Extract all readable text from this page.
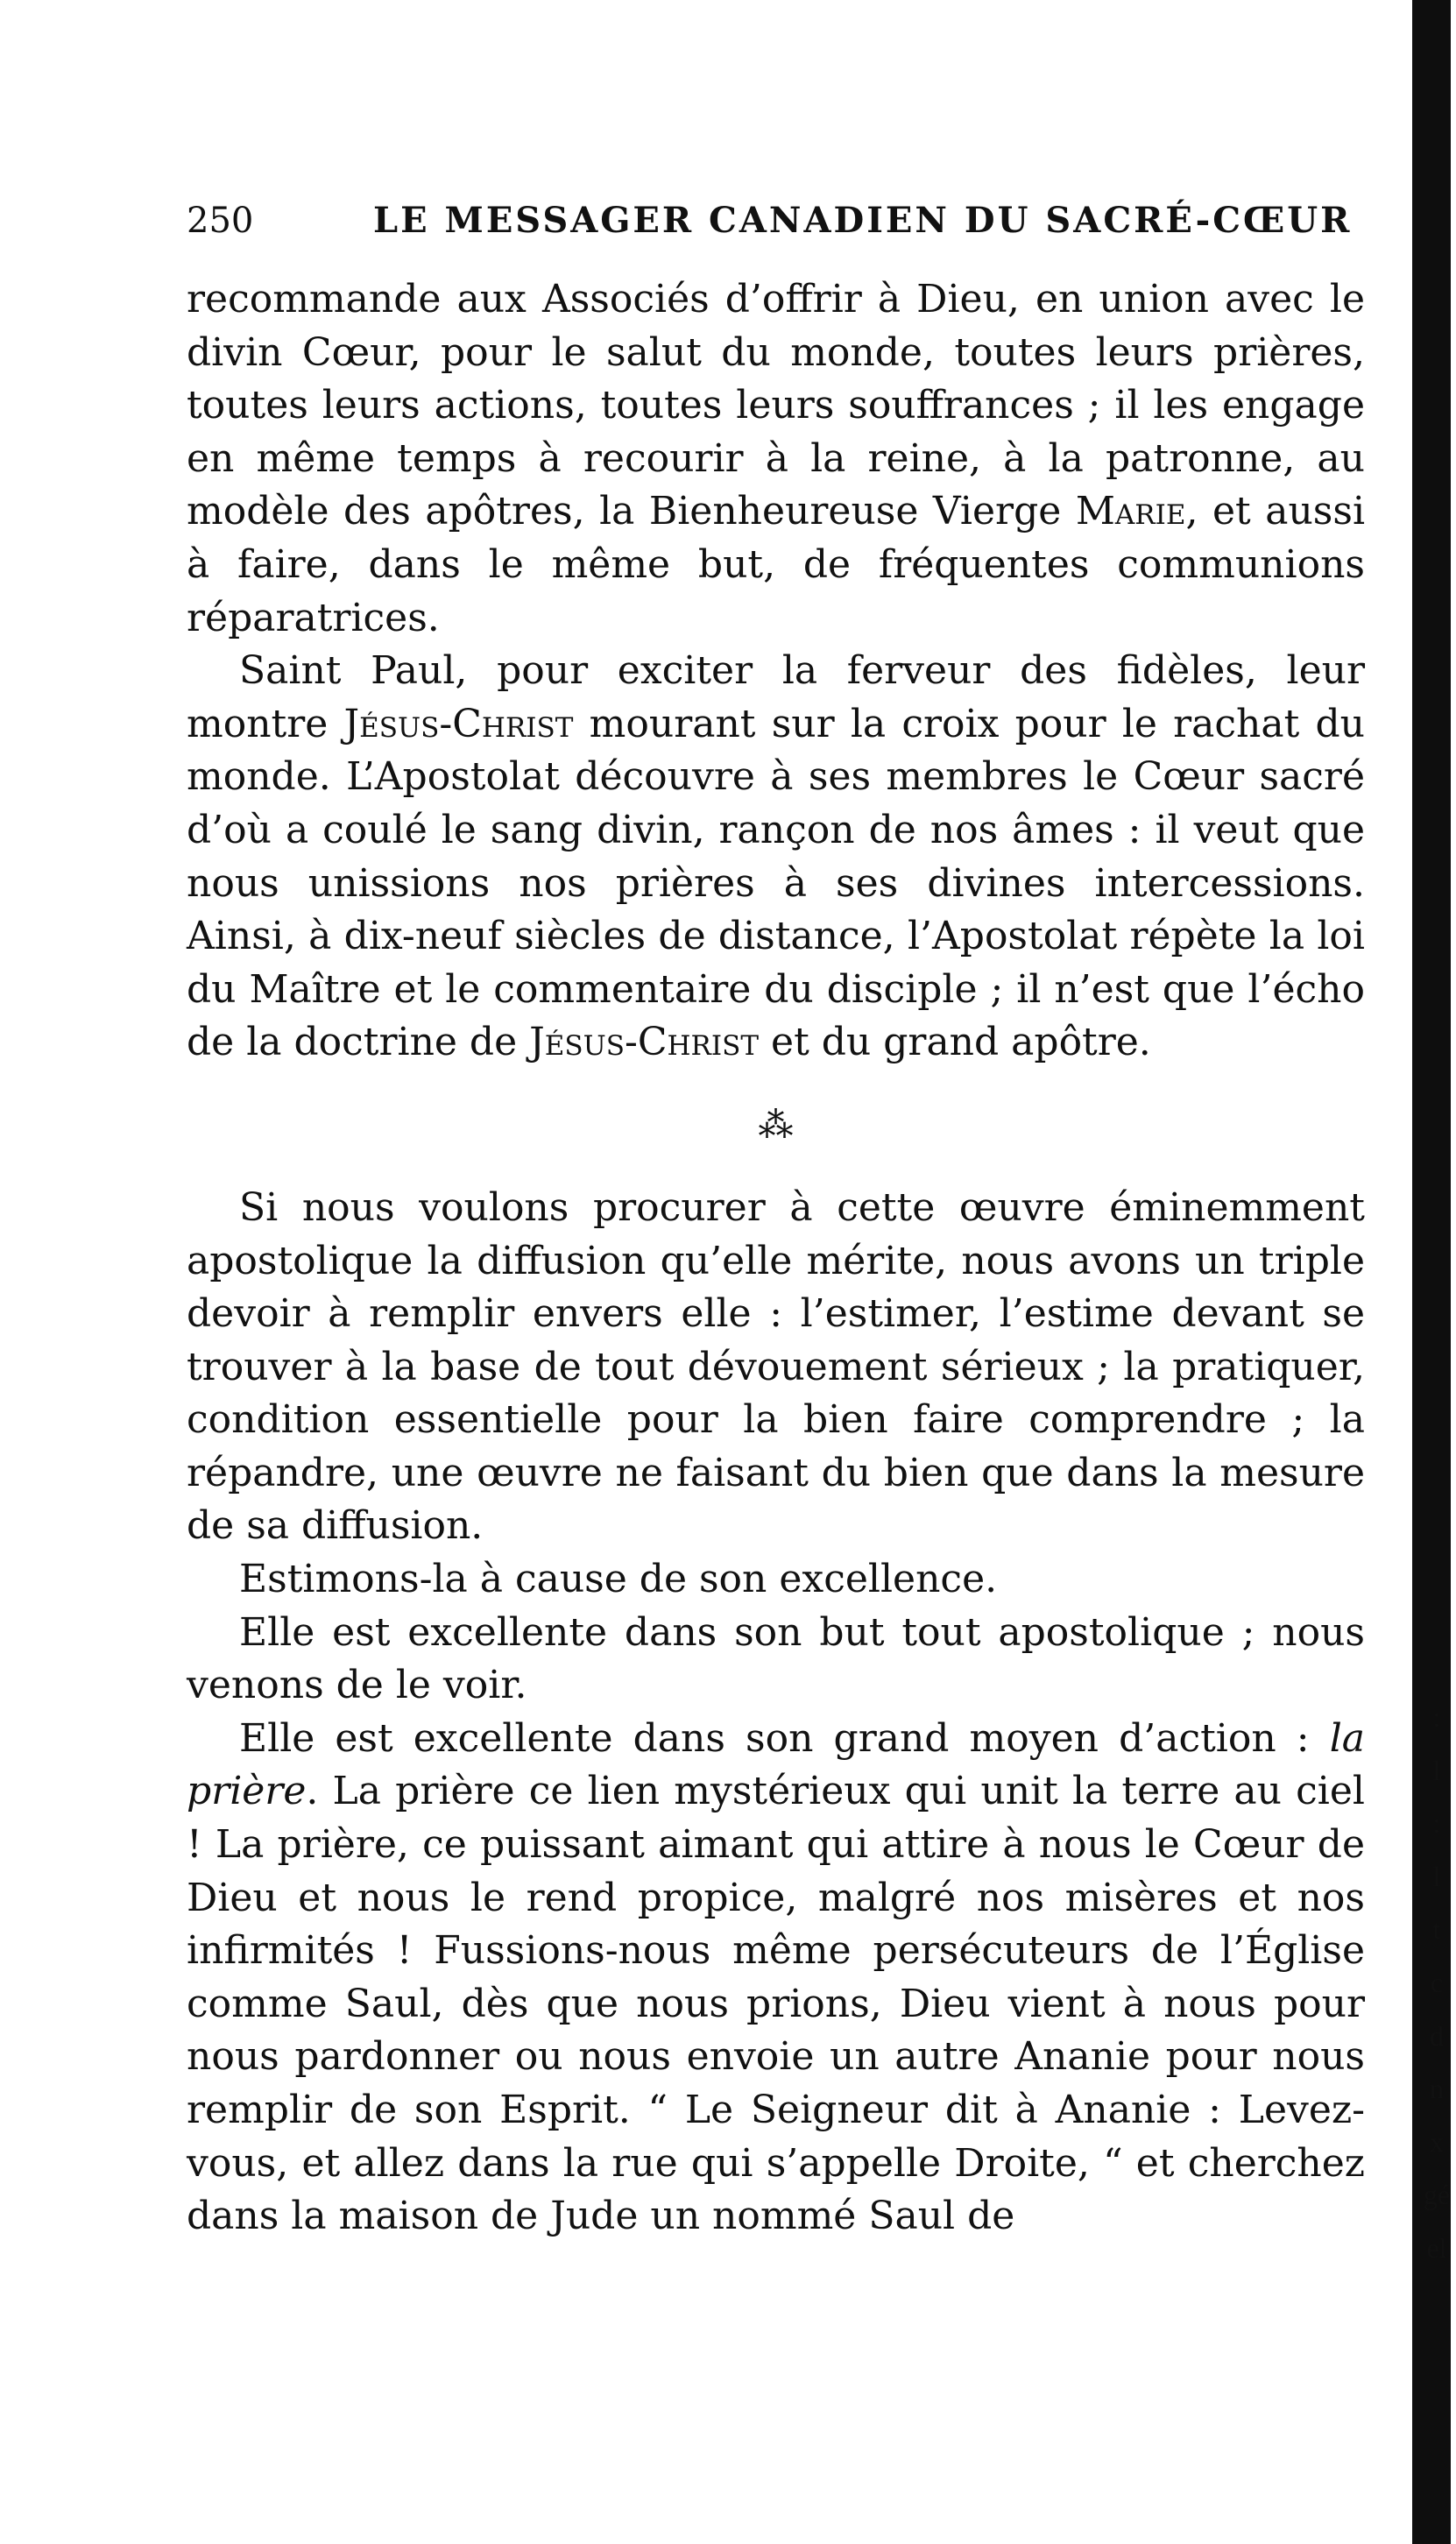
250	LE MESSAGER CANADIEN DU SACRÉ-CŒUR

recommande aux Associés d’offrir à Dieu, en union avec le divin Cœur, pour le salut du monde, toutes leurs prières, toutes leurs actions, toutes leurs souffrances ; il les engage en même temps à recourir à la reine, à la patronne, au modèle des apôtres, la Bienheureuse Vierge Marie, et aussi à faire, dans le même but, de fréquentes communions réparatrices.

Saint Paul, pour exciter la ferveur des fidèles, leur montre Jésus-Christ mourant sur la croix pour le rachat du monde. L’Apostolat découvre à ses membres le Cœur sacré d’où a coulé le sang divin, rançon de nos âmes : il veut que nous unissions nos prières à ses divines intercessions. Ainsi, à dix-neuf siècles de distance, l’Apostolat répète la loi du Maître et le commentaire du disciple ; il n’est que l’écho de la doctrine de Jésus-Christ et du grand apôtre.

⁂

Si nous voulons procurer à cette œuvre éminemment apostolique la diffusion qu’elle mérite, nous avons un triple devoir à remplir envers elle : l’estimer, l’estime devant se trouver à la base de tout dévouement sérieux ; la pratiquer, condition essentielle pour la bien faire comprendre ; la répandre, une œuvre ne faisant du bien que dans la mesure de sa diffusion.

Estimons-la à cause de son excellence.

Elle est excellente dans son but tout apostolique ; nous venons de le voir.

Elle est excellente dans son grand moyen d’action : la prière. La prière ce lien mystérieux qui unit la terre au ciel ! La prière, ce puissant aimant qui attire à nous le Cœur de Dieu et nous le rend propice, malgré nos misères et nos infirmités ! Fussions-nous même persécuteurs de l’Église comme Saul, dès que nous prions, Dieu vient à nous pour nous pardonner ou nous envoie un autre Ananie pour nous remplir de son Esprit. “ Le Seigneur dit à Ananie : Levez-vous, et allez dans la rue qui s’appelle Droite, “ et cherchez dans la maison de Jude un nommé Saul de

:
l
:
l
t
c
d
n
x
gé
el
